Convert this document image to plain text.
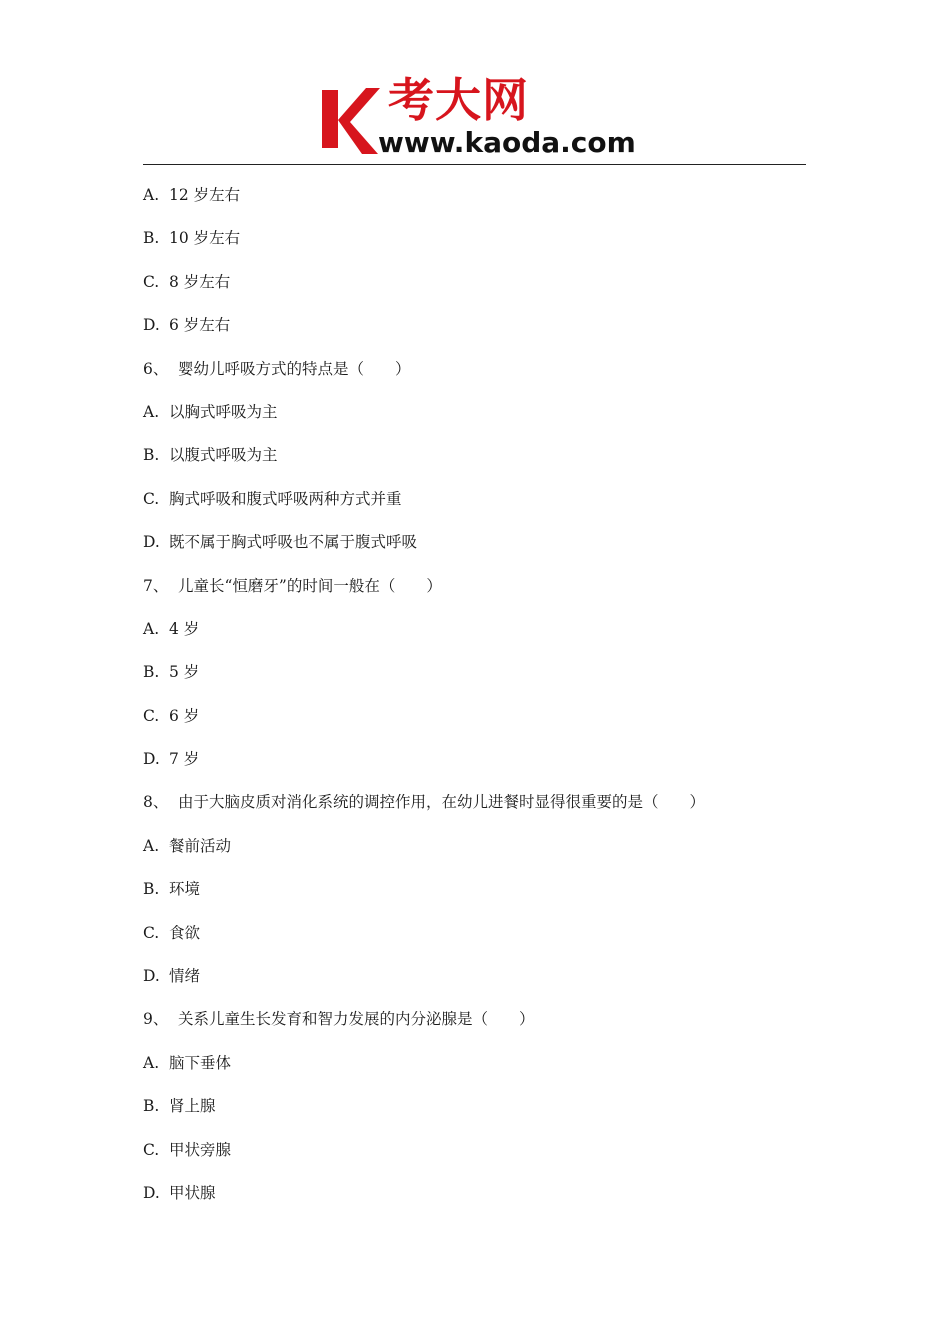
考大网
www.kaoda.com
A. 12 岁左右
B. 10 岁左右
C. 8 岁左右
D. 6 岁左右
6、 婴幼儿呼吸方式的特点是（　　）
A. 以胸式呼吸为主
B. 以腹式呼吸为主
C. 胸式呼吸和腹式呼吸两种方式并重
D. 既不属于胸式呼吸也不属于腹式呼吸
7、 儿童长“恒磨牙”的时间一般在（　　）
A. 4 岁
B. 5 岁
C. 6 岁
D. 7 岁
8、 由于大脑皮质对消化系统的调控作用，在幼儿进餐时显得很重要的是（　　）
A. 餐前活动
B. 环境
C. 食欲
D. 情绪
9、 关系儿童生长发育和智力发展的内分泌腺是（　　）
A. 脑下垂体
B. 肾上腺
C. 甲状旁腺
D. 甲状腺
